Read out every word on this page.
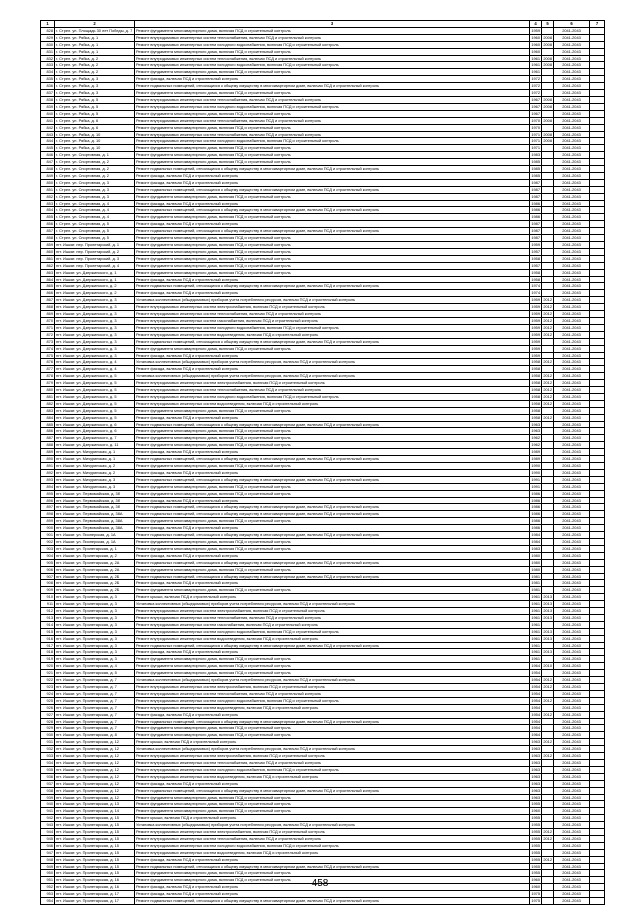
1	2	3	4	5	6	7
828	г. Стрел. ул. Площадь 30 лет Победы, д. 7	Ремонт фундамента многоквартирного дома, включая ПСД и строительный контроль	1959		2041-2043	
829	г. Стрел. ул. Рябка, д. 1	Ремонт внутридомовых инженерных систем теплоснабжения, включая ПСД и строительный контроль	1960	2008	2041-2043	
830	г. Стрел. ул. Рябка, д. 1	Ремонт внутридомовых инженерных систем холодного водоснабжения, включая ПСД и строительный контроль	1960	2008	2041-2043	
831	г. Стрел. ул. Рябка, д. 1	Ремонт фундамента многоквартирного дома, включая ПСД и строительный контроль	1960		2041-2043	
832	г. Стрел. ул. Рябка, д. 2	Ремонт внутридомовых инженерных систем теплоснабжения, включая ПСД и строительный контроль	1961	2008	2041-2043	
833	г. Стрел. ул. Рябка, д. 2	Ремонт внутридомовых инженерных систем холодного водоснабжения, включая ПСД и строительный контроль	1961	2008	2041-2043	
834	г. Стрел. ул. Рябка, д. 2	Ремонт фундамента многоквартирного дома, включая ПСД и строительный контроль	1961		2041-2043	
835	г. Стрел. ул. Рябка, д. 3	Ремонт фасада, включая ПСД и строительный контроль	1972		2041-2043	
836	г. Стрел. ул. Рябка, д. 3	Ремонт подвальных помещений, относящихся к общему имуществу в многоквартирном доме, включая ПСД и строительный контроль	1972		2041-2043	
837	г. Стрел. ул. Рябка, д. 3	Ремонт фундамента многоквартирного дома, включая ПСД и строительный контроль	1972		2041-2043	
838	г. Стрел. ул. Рябка, д. 5	Ремонт внутридомовых инженерных систем теплоснабжения, включая ПСД и строительный контроль	1967	2008	2041-2043	
839	г. Стрел. ул. Рябка, д. 5	Ремонт внутридомовых инженерных систем холодного водоснабжения, включая ПСД и строительный контроль	1967	2008	2041-2043	
840	г. Стрел. ул. Рябка, д. 5	Ремонт фундамента многоквартирного дома, включая ПСД и строительный контроль	1967		2041-2043	
841	г. Стрел. ул. Рябка, д. 6	Ремонт внутридомовых инженерных систем теплоснабжения, включая ПСД и строительный контроль	1970	2008	2041-2043	
842	г. Стрел. ул. Рябка, д. 6	Ремонт фундамента многоквартирного дома, включая ПСД и строительный контроль	1970		2041-2043	
843	г. Стрел. ул. Рябка, д. 10	Ремонт внутридомовых инженерных систем теплоснабжения, включая ПСД и строительный контроль	1971	2008	2041-2043	
844	г. Стрел. ул. Рябка, д. 10	Ремонт внутридомовых инженерных систем холодного водоснабжения, включая ПСД и строительный контроль	1971	2008	2041-2043	
845	г. Стрел. ул. Рябка, д. 10	Ремонт фундамента многоквартирного дома, включая ПСД и строительный контроль	1971		2041-2043	
846	г. Стрел. ул. Спортивная, д. 1	Ремонт фундамента многоквартирного дома, включая ПСД и строительный контроль	1983		2041-2043	
847	г. Стрел. ул. Спортивная, д. 2	Ремонт фундамента многоквартирного дома, включая ПСД и строительный контроль	1985		2041-2043	
848	г. Стрел. ул. Спортивная, д. 2	Ремонт подвальных помещений, относящихся к общему имуществу в многоквартирном доме, включая ПСД и строительный контроль	1985		2041-2043	
849	г. Стрел. ул. Спортивная, д. 2	Ремонт фасада, включая ПСД и строительный контроль	1985		2041-2043	
850	г. Стрел. ул. Спортивная, д. 3	Ремонт фасада, включая ПСД и строительный контроль	1987		2041-2043	
851	г. Стрел. ул. Спортивная, д. 3	Ремонт подвальных помещений, относящихся к общему имуществу в многоквартирном доме, включая ПСД и строительный контроль	1987		2041-2043	
852	г. Стрел. ул. Спортивная, д. 3	Ремонт фундамента многоквартирного дома, включая ПСД и строительный контроль	1987		2041-2043	
853	г. Стрел. ул. Спортивная, д. 4	Ремонт фасада, включая ПСД и строительный контроль	1986		2041-2043	
854	г. Стрел. ул. Спортивная, д. 4	Ремонт подвальных помещений, относящихся к общему имуществу в многоквартирном доме, включая ПСД и строительный контроль	1986		2041-2043	
855	г. Стрел. ул. Спортивная, д. 4	Ремонт фундамента многоквартирного дома, включая ПСД и строительный контроль	1986		2041-2043	
856	г. Стрел. ул. Спортивная, д. 5	Ремонт фасада, включая ПСД и строительный контроль	1987		2041-2043	
857	г. Стрел. ул. Спортивная, д. 5	Ремонт подвальных помещений, относящихся к общему имуществу в многоквартирном доме, включая ПСД и строительный контроль	1987		2041-2043	
858	г. Стрел. ул. Спортивная, д. 5	Ремонт фундамента многоквартирного дома, включая ПСД и строительный контроль	1987		2041-2043	
859	пгт. Ишкат. пер. Пролетарский, д. 1	Ремонт фундамента многоквартирного дома, включая ПСД и строительный контроль	1959		2041-2043	
860	пгт. Ишкат. пер. Пролетарский, д. 2	Ремонт фундамента многоквартирного дома, включая ПСД и строительный контроль	1957		2041-2043	
861	пгт. Ишкат. пер. Пролетарский, д. 3	Ремонт фундамента многоквартирного дома, включая ПСД и строительный контроль	1958		2041-2043	
862	пгт. Ишкат. пер. Пролетарский, д. 4	Ремонт фундамента многоквартирного дома, включая ПСД и строительный контроль	1957		2041-2043	
863	пгт. Ишкат. ул. Дзержинского, д. 1	Ремонт фундамента многоквартирного дома, включая ПСД и строительный контроль	1958		2041-2043	
864	пгт. Ишкат. ул. Дзержинского, д. 1	Ремонт фасада, включая ПСД и строительный контроль	1958		2041-2043	
865	пгт. Ишкат. ул. Дзержинского, д. 2	Ремонт подвальных помещений, относящихся к общему имуществу в многоквартирном доме, включая ПСД и строительный контроль	1974		2041-2043	
866	пгт. Ишкат. ул. Дзержинского, д. 2	Ремонт фасада, включая ПСД и строительный контроль	1974		2041-2043	
867	пгт. Ишкат. ул. Дзержинского, д. 3	Установка коллективных (общедомовых) приборов учета потребления ресурсов, включая ПСД и строительный контроль	1959	2012	2041-2043	
868	пгт. Ишкат. ул. Дзержинского, д. 3	Ремонт внутридомовых инженерных систем электроснабжения, включая ПСД и строительный контроль	1959	2012	2041-2043	
869	пгт. Ишкат. ул. Дзержинского, д. 3	Ремонт внутридомовых инженерных систем теплоснабжения, включая ПСД и строительный контроль	1959	2012	2041-2043	
870	пгт. Ишкат. ул. Дзержинского, д. 3	Ремонт внутридомовых инженерных систем газоснабжения, включая ПСД и строительный контроль	1959	2012	2041-2043	
871	пгт. Ишкат. ул. Дзержинского, д. 3	Ремонт внутридомовых инженерных систем холодного водоснабжения, включая ПСД и строительный контроль	1959	2012	2041-2043	
872	пгт. Ишкат. ул. Дзержинского, д. 3	Ремонт внутридомовых инженерных систем водоотведения, включая ПСД и строительный контроль	1959	2012	2041-2043	
873	пгт. Ишкат. ул. Дзержинского, д. 3	Ремонт подвальных помещений, относящихся к общему имуществу в многоквартирном доме, включая ПСД и строительный контроль	1959		2041-2043	
874	пгт. Ишкат. ул. Дзержинского, д. 3	Ремонт фундамента многоквартирного дома, включая ПСД и строительный контроль	1959		2041-2043	
875	пгт. Ишкат. ул. Дзержинского, д. 3	Ремонт фасада, включая ПСД и строительный контроль	1959		2041-2043	
876	пгт. Ишкат. ул. Дзержинского, д. 4	Установка коллективных (общедомовых) приборов учета потребления ресурсов, включая ПСД и строительный контроль	1958	2012	2041-2043	
877	пгт. Ишкат. ул. Дзержинского, д. 4	Ремонт фасада, включая ПСД и строительный контроль	1958		2041-2043	
878	пгт. Ишкат. ул. Дзержинского, д. 5	Установка коллективных (общедомовых) приборов учета потребления ресурсов, включая ПСД и строительный контроль	1958	2012	2041-2043	
879	пгт. Ишкат. ул. Дзержинского, д. 5	Ремонт внутридомовых инженерных систем электроснабжения, включая ПСД и строительный контроль	1958	2012	2041-2043	
880	пгт. Ишкат. ул. Дзержинского, д. 5	Ремонт внутридомовых инженерных систем теплоснабжения, включая ПСД и строительный контроль	1958	2012	2041-2043	
881	пгт. Ишкат. ул. Дзержинского, д. 5	Ремонт внутридомовых инженерных систем холодного водоснабжения, включая ПСД и строительный контроль	1958	2012	2041-2043	
882	пгт. Ишкат. ул. Дзержинского, д. 5	Ремонт внутридомовых инженерных систем водоотведения, включая ПСД и строительный контроль	1958	2012	2041-2043	
883	пгт. Ишкат. ул. Дзержинского, д. 5	Ремонт фундамента многоквартирного дома, включая ПСД и строительный контроль	1958		2041-2043	
884	пгт. Ишкат. ул. Дзержинского, д. 5	Ремонт фасада, включая ПСД и строительный контроль	1958	2012	2041-2043	
885	пгт. Ишкат. ул. Дзержинского, д. 6	Ремонт подвальных помещений, относящихся к общему имуществу в многоквартирном доме, включая ПСД и строительный контроль	1963		2041-2043	
886	пгт. Ишкат. ул. Дзержинского, д. 6	Ремонт фундамента многоквартирного дома, включая ПСД и строительный контроль	1963		2041-2043	
887	пгт. Ишкат. ул. Дзержинского, д. 7	Ремонт фундамента многоквартирного дома, включая ПСД и строительный контроль	1962		2041-2043	
888	пгт. Ишкат. ул. Дзержинского, д. 11	Ремонт фундамента многоквартирного дома, включая ПСД и строительный контроль	1962		2041-2043	
889	пгт. Ишкат. ул. Мичуринская, д. 1	Ремонт фасада, включая ПСД и строительный контроль	1989		2041-2043	
890	пгт. Ишкат. ул. Мичуринская, д. 1	Ремонт подвальных помещений, относящихся к общему имуществу в многоквартирном доме, включая ПСД и строительный контроль	1989		2041-2043	
891	пгт. Ишкат. ул. Мичуринская, д. 2	Ремонт фундамента многоквартирного дома, включая ПСД и строительный контроль	1990		2041-2043	
892	пгт. Ишкат. ул. Мичуринская, д. 2	Ремонт фасада, включая ПСД и строительный контроль	1990		2041-2043	
893	пгт. Ишкат. ул. Мичуринская, д. 3	Ремонт подвальных помещений, относящихся к общему имуществу в многоквартирном доме, включая ПСД и строительный контроль	1991		2041-2043	
894	пгт. Ишкат. ул. Мичуринская, д. 3	Ремонт фундамента многоквартирного дома, включая ПСД и строительный контроль	1991		2041-2043	
895	пгт. Ишкат. ул. Первомайская, д. 3б	Ремонт фундамента многоквартирного дома, включая ПСД и строительный контроль	1986		2041-2043	
896	пгт. Ишкат. ул. Первомайская, д. 3б	Ремонт фасада, включая ПСД и строительный контроль	1986		2041-2043	
897	пгт. Ишкат. ул. Первомайская, д. 3б	Ремонт подвальных помещений, относящихся к общему имуществу в многоквартирном доме, включая ПСД и строительный контроль	1986		2041-2043	
898	пгт. Ишкат. ул. Первомайская, д. 38А	Ремонт подвальных помещений, относящихся к общему имуществу в многоквартирном доме, включая ПСД и строительный контроль	1986		2041-2043	
899	пгт. Ишкат. ул. Первомайская, д. 38А	Ремонт фундамента многоквартирного дома, включая ПСД и строительный контроль	1986		2041-2043	
900	пгт. Ишкат. ул. Первомайская, д. 38А	Ремонт фасада, включая ПСД и строительный контроль	1986		2041-2043	
901	пгт. Ишкат. ул. Пионерская, д. 1А	Ремонт подвальных помещений, относящихся к общему имуществу в многоквартирном доме, включая ПСД и строительный контроль	1984		2041-2043	
902	пгт. Ишкат. ул. Пионерская, д. 1А	Ремонт фундамента многоквартирного дома, включая ПСД и строительный контроль	1984		2041-2043	
903	пгт. Ишкат. ул. Пролетарская, д. 1	Ремонт фундамента многоквартирного дома, включая ПСД и строительный контроль	1983		2041-2043	
904	пгт. Ишкат. ул. Пролетарская, д. 2	Ремонт фасада, включая ПСД и строительный контроль	1980		2041-2043	
905	пгт. Ишкат. ул. Пролетарская, д. 2А	Ремонт подвальных помещений, относящихся к общему имуществу в многоквартирном доме, включая ПСД и строительный контроль	1980		2041-2043	
906	пгт. Ишкат. ул. Пролетарская, д. 2А	Ремонт фундамента многоквартирного дома, включая ПСД и строительный контроль	1980		2041-2043	
907	пгт. Ишкат. ул. Пролетарская, д. 2Б	Ремонт подвальных помещений, относящихся к общему имуществу в многоквартирном доме, включая ПСД и строительный контроль	1981		2041-2043	
908	пгт. Ишкат. ул. Пролетарская, д. 2Б	Ремонт фасада, включая ПСД и строительный контроль	1981		2041-2043	
909	пгт. Ишкат. ул. Пролетарская, д. 2Б	Ремонт фундамента многоквартирного дома, включая ПСД и строительный контроль	1981		2041-2043	
910	пгт. Ишкат. ул. Пролетарская, д. 3	Ремонт крыши, включая ПСД и строительный контроль	1961	2013	2041-2043	
911	пгт. Ишкат. ул. Пролетарская, д. 3	Установка коллективных (общедомовых) приборов учета потребления ресурсов, включая ПСД и строительный контроль	1961	2013	2041-2043	
912	пгт. Ишкат. ул. Пролетарская, д. 3	Ремонт внутридомовых инженерных систем электроснабжения, включая ПСД и строительный контроль	1961	2013	2041-2043	
913	пгт. Ишкат. ул. Пролетарская, д. 3	Ремонт внутридомовых инженерных систем теплоснабжения, включая ПСД и строительный контроль	1961	2013	2041-2043	
914	пгт. Ишкат. ул. Пролетарская, д. 3	Ремонт внутридомовых инженерных систем газоснабжения, включая ПСД и строительный контроль	1961		2041-2043	
915	пгт. Ишкат. ул. Пролетарская, д. 3	Ремонт внутридомовых инженерных систем холодного водоснабжения, включая ПСД и строительный контроль	1961	2013	2041-2043	
916	пгт. Ишкат. ул. Пролетарская, д. 3	Ремонт внутридомовых инженерных систем водоотведения, включая ПСД и строительный контроль	1961	2013	2041-2043	
917	пгт. Ишкат. ул. Пролетарская, д. 3	Ремонт подвальных помещений, относящихся к общему имуществу в многоквартирном доме, включая ПСД и строительный контроль	1961		2041-2043	
918	пгт. Ишкат. ул. Пролетарская, д. 3	Ремонт фасада, включая ПСД и строительный контроль	1961	2013	2041-2043	
919	пгт. Ишкат. ул. Пролетарская, д. 3	Ремонт фундамента многоквартирного дома, включая ПСД и строительный контроль	1961		2041-2043	
920	пгт. Ишкат. ул. Пролетарская, д. 4	Ремонт фундамента многоквартирного дома, включая ПСД и строительный контроль	1964	2010	2041-2043	
921	пгт. Ишкат. ул. Пролетарская, д. 5	Ремонт фундамента многоквартирного дома, включая ПСД и строительный контроль	1954		2041-2043	
922	пгт. Ишкат. ул. Пролетарская, д. 7	Установка коллективных (общедомовых) приборов учета потребления ресурсов, включая ПСД и строительный контроль	1954	2012	2041-2043	
923	пгт. Ишкат. ул. Пролетарская, д. 7	Ремонт внутридомовых инженерных систем электроснабжения, включая ПСД и строительный контроль	1954	2012	2041-2043	
924	пгт. Ишкат. ул. Пролетарская, д. 7	Ремонт внутридомовых инженерных систем теплоснабжения, включая ПСД и строительный контроль	1954		2041-2043	
925	пгт. Ишкат. ул. Пролетарская, д. 7	Ремонт внутридомовых инженерных систем холодного водоснабжения, включая ПСД и строительный контроль	1954	2012	2041-2043	
926	пгт. Ишкат. ул. Пролетарская, д. 7	Ремонт внутридомовых инженерных систем водоотведения, включая ПСД и строительный контроль	1954		2041-2043	
927	пгт. Ишкат. ул. Пролетарская, д. 7	Ремонт фасада, включая ПСД и строительный контроль	1954	2012	2041-2043	
928	пгт. Ишкат. ул. Пролетарская, д. 7	Ремонт подвальных помещений, относящихся к общему имуществу в многоквартирном доме, включая ПСД и строительный контроль	1954		2041-2043	
929	пгт. Ишкат. ул. Пролетарская, д. 7	Ремонт фундамента многоквартирного дома, включая ПСД и строительный контроль	1954		2041-2043	
930	пгт. Ишкат. ул. Пролетарская, д. 8	Ремонт фундамента многоквартирного дома, включая ПСД и строительный контроль	1964		2041-2043	
931	пгт. Ишкат. ул. Пролетарская, д. 12	Ремонт крыши, включая ПСД и строительный контроль	1963	2012	2041-2043	
932	пгт. Ишкат. ул. Пролетарская, д. 12	Установка коллективных (общедомовых) приборов учета потребления ресурсов, включая ПСД и строительный контроль	1963		2041-2043	
933	пгт. Ишкат. ул. Пролетарская, д. 12	Ремонт внутридомовых инженерных систем электроснабжения, включая ПСД и строительный контроль	1963	2012	2041-2043	
934	пгт. Ишкат. ул. Пролетарская, д. 12	Ремонт внутридомовых инженерных систем теплоснабжения, включая ПСД и строительный контроль	1963		2041-2043	
935	пгт. Ишкат. ул. Пролетарская, д. 12	Ремонт внутридомовых инженерных систем холодного водоснабжения, включая ПСД и строительный контроль	1963		2041-2043	
936	пгт. Ишкат. ул. Пролетарская, д. 12	Ремонт внутридомовых инженерных систем водоотведения, включая ПСД и строительный контроль	1963		2041-2043	
937	пгт. Ишкат. ул. Пролетарская, д. 12	Ремонт фасада, включая ПСД и строительный контроль	1963		2041-2043	
938	пгт. Ишкат. ул. Пролетарская, д. 12	Ремонт подвальных помещений, относящихся к общему имуществу в многоквартирном доме, включая ПСД и строительный контроль	1963		2041-2043	
939	пгт. Ишкат. ул. Пролетарская, д. 12	Ремонт фундамента многоквартирного дома, включая ПСД и строительный контроль	1963		2041-2043	
940	пгт. Ишкат. ул. Пролетарская, д. 13	Ремонт фундамента многоквартирного дома, включая ПСД и строительный контроль	1955		2041-2043	
941	пгт. Ишкат. ул. Пролетарская, д. 14	Ремонт фундамента многоквартирного дома, включая ПСД и строительный контроль	1960		2041-2043	
942	пгт. Ишкат. ул. Пролетарская, д. 15	Ремонт крыши, включая ПСД и строительный контроль	1955		2041-2043	
943	пгт. Ишкат. ул. Пролетарская, д. 15	Установка коллективных (общедомовых) приборов учета потребления ресурсов, включая ПСД и строительный контроль	1955		2041-2043	
944	пгт. Ишкат. ул. Пролетарская, д. 15	Ремонт внутридомовых инженерных систем электроснабжения, включая ПСД и строительный контроль	1955	2012	2041-2043	
945	пгт. Ишкат. ул. Пролетарская, д. 15	Ремонт внутридомовых инженерных систем теплоснабжения, включая ПСД и строительный контроль	1955	2012	2041-2043	
946	пгт. Ишкат. ул. Пролетарская, д. 15	Ремонт внутридомовых инженерных систем холодного водоснабжения, включая ПСД и строительный контроль	1955		2041-2043	
947	пгт. Ишкат. ул. Пролетарская, д. 15	Ремонт внутридомовых инженерных систем водоотведения, включая ПСД и строительный контроль	1955		2041-2043	
948	пгт. Ишкат. ул. Пролетарская, д. 15	Ремонт фасада, включая ПСД и строительный контроль	1955	2012	2041-2043	
949	пгт. Ишкат. ул. Пролетарская, д. 15	Ремонт подвальных помещений, относящихся к общему имуществу в многоквартирном доме, включая ПСД и строительный контроль	1955		2041-2043	
950	пгт. Ишкат. ул. Пролетарская, д. 15	Ремонт фундамента многоквартирного дома, включая ПСД и строительный контроль	1955		2041-2043	
951	пгт. Ишкат. ул. Пролетарская, д. 16	Ремонт фундамента многоквартирного дома, включая ПСД и строительный контроль	1960		2041-2043	
952	пгт. Ишкат. ул. Пролетарская, д. 16	Ремонт фасада, включая ПСД и строительный контроль	1960		2041-2043	
953	пгт. Ишкат. ул. Пролетарская, д. 17	Ремонт фасада, включая ПСД и строительный контроль	1975		2041-2043	
954	пгт. Ишкат. ул. Пролетарская, д. 17	Ремонт подвальных помещений, относящихся к общему имуществу в многоквартирном доме, включая ПСД и строительный контроль	1975		2041-2043	
458
